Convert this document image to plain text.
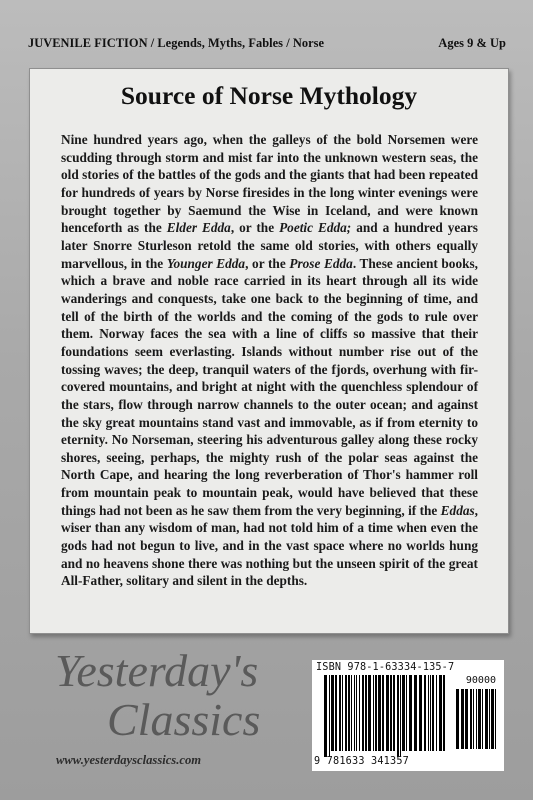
JUVENILE FICTION / Legends, Myths, Fables / Norse	Ages 9 & Up
Source of Norse Mythology

Nine hundred years ago, when the galleys of the bold Norsemen were scudding through storm and mist far into the unknown western seas, the old stories of the battles of the gods and the giants that had been repeated for hundreds of years by Norse firesides in the long winter evenings were brought together by Saemund the Wise in Iceland, and were known henceforth as the Elder Edda, or the Poetic Edda; and a hundred years later Snorre Sturleson retold the same old stories, with others equally marvellous, in the Younger Edda, or the Prose Edda. These ancient books, which a brave and noble race carried in its heart through all its wide wanderings and conquests, take one back to the beginning of time, and tell of the birth of the worlds and the coming of the gods to rule over them. Norway faces the sea with a line of cliffs so massive that their foundations seem everlasting. Islands without number rise out of the tossing waves; the deep, tranquil waters of the fjords, overhung with fir-covered mountains, and bright at night with the quenchless splendour of the stars, flow through narrow channels to the outer ocean; and against the sky great mountains stand vast and immovable, as if from eternity to eternity. No Norseman, steering his adventurous galley along these rocky shores, seeing, perhaps, the mighty rush of the polar seas against the North Cape, and hearing the long reverberation of Thor's hammer roll from mountain peak to mountain peak, would have believed that these things had not been as he saw them from the very beginning, if the Eddas, wiser than any wisdom of man, had not told him of a time when even the gods had not begun to live, and in the vast space where no worlds hung and no heavens shone there was nothing but the unseen spirit of the great All-Father, solitary and silent in the depths.

Yesterday's
Classics
www.yesterdaysclassics.com
ISBN 978-1-63334-135-7
90000
9 781633 341357
